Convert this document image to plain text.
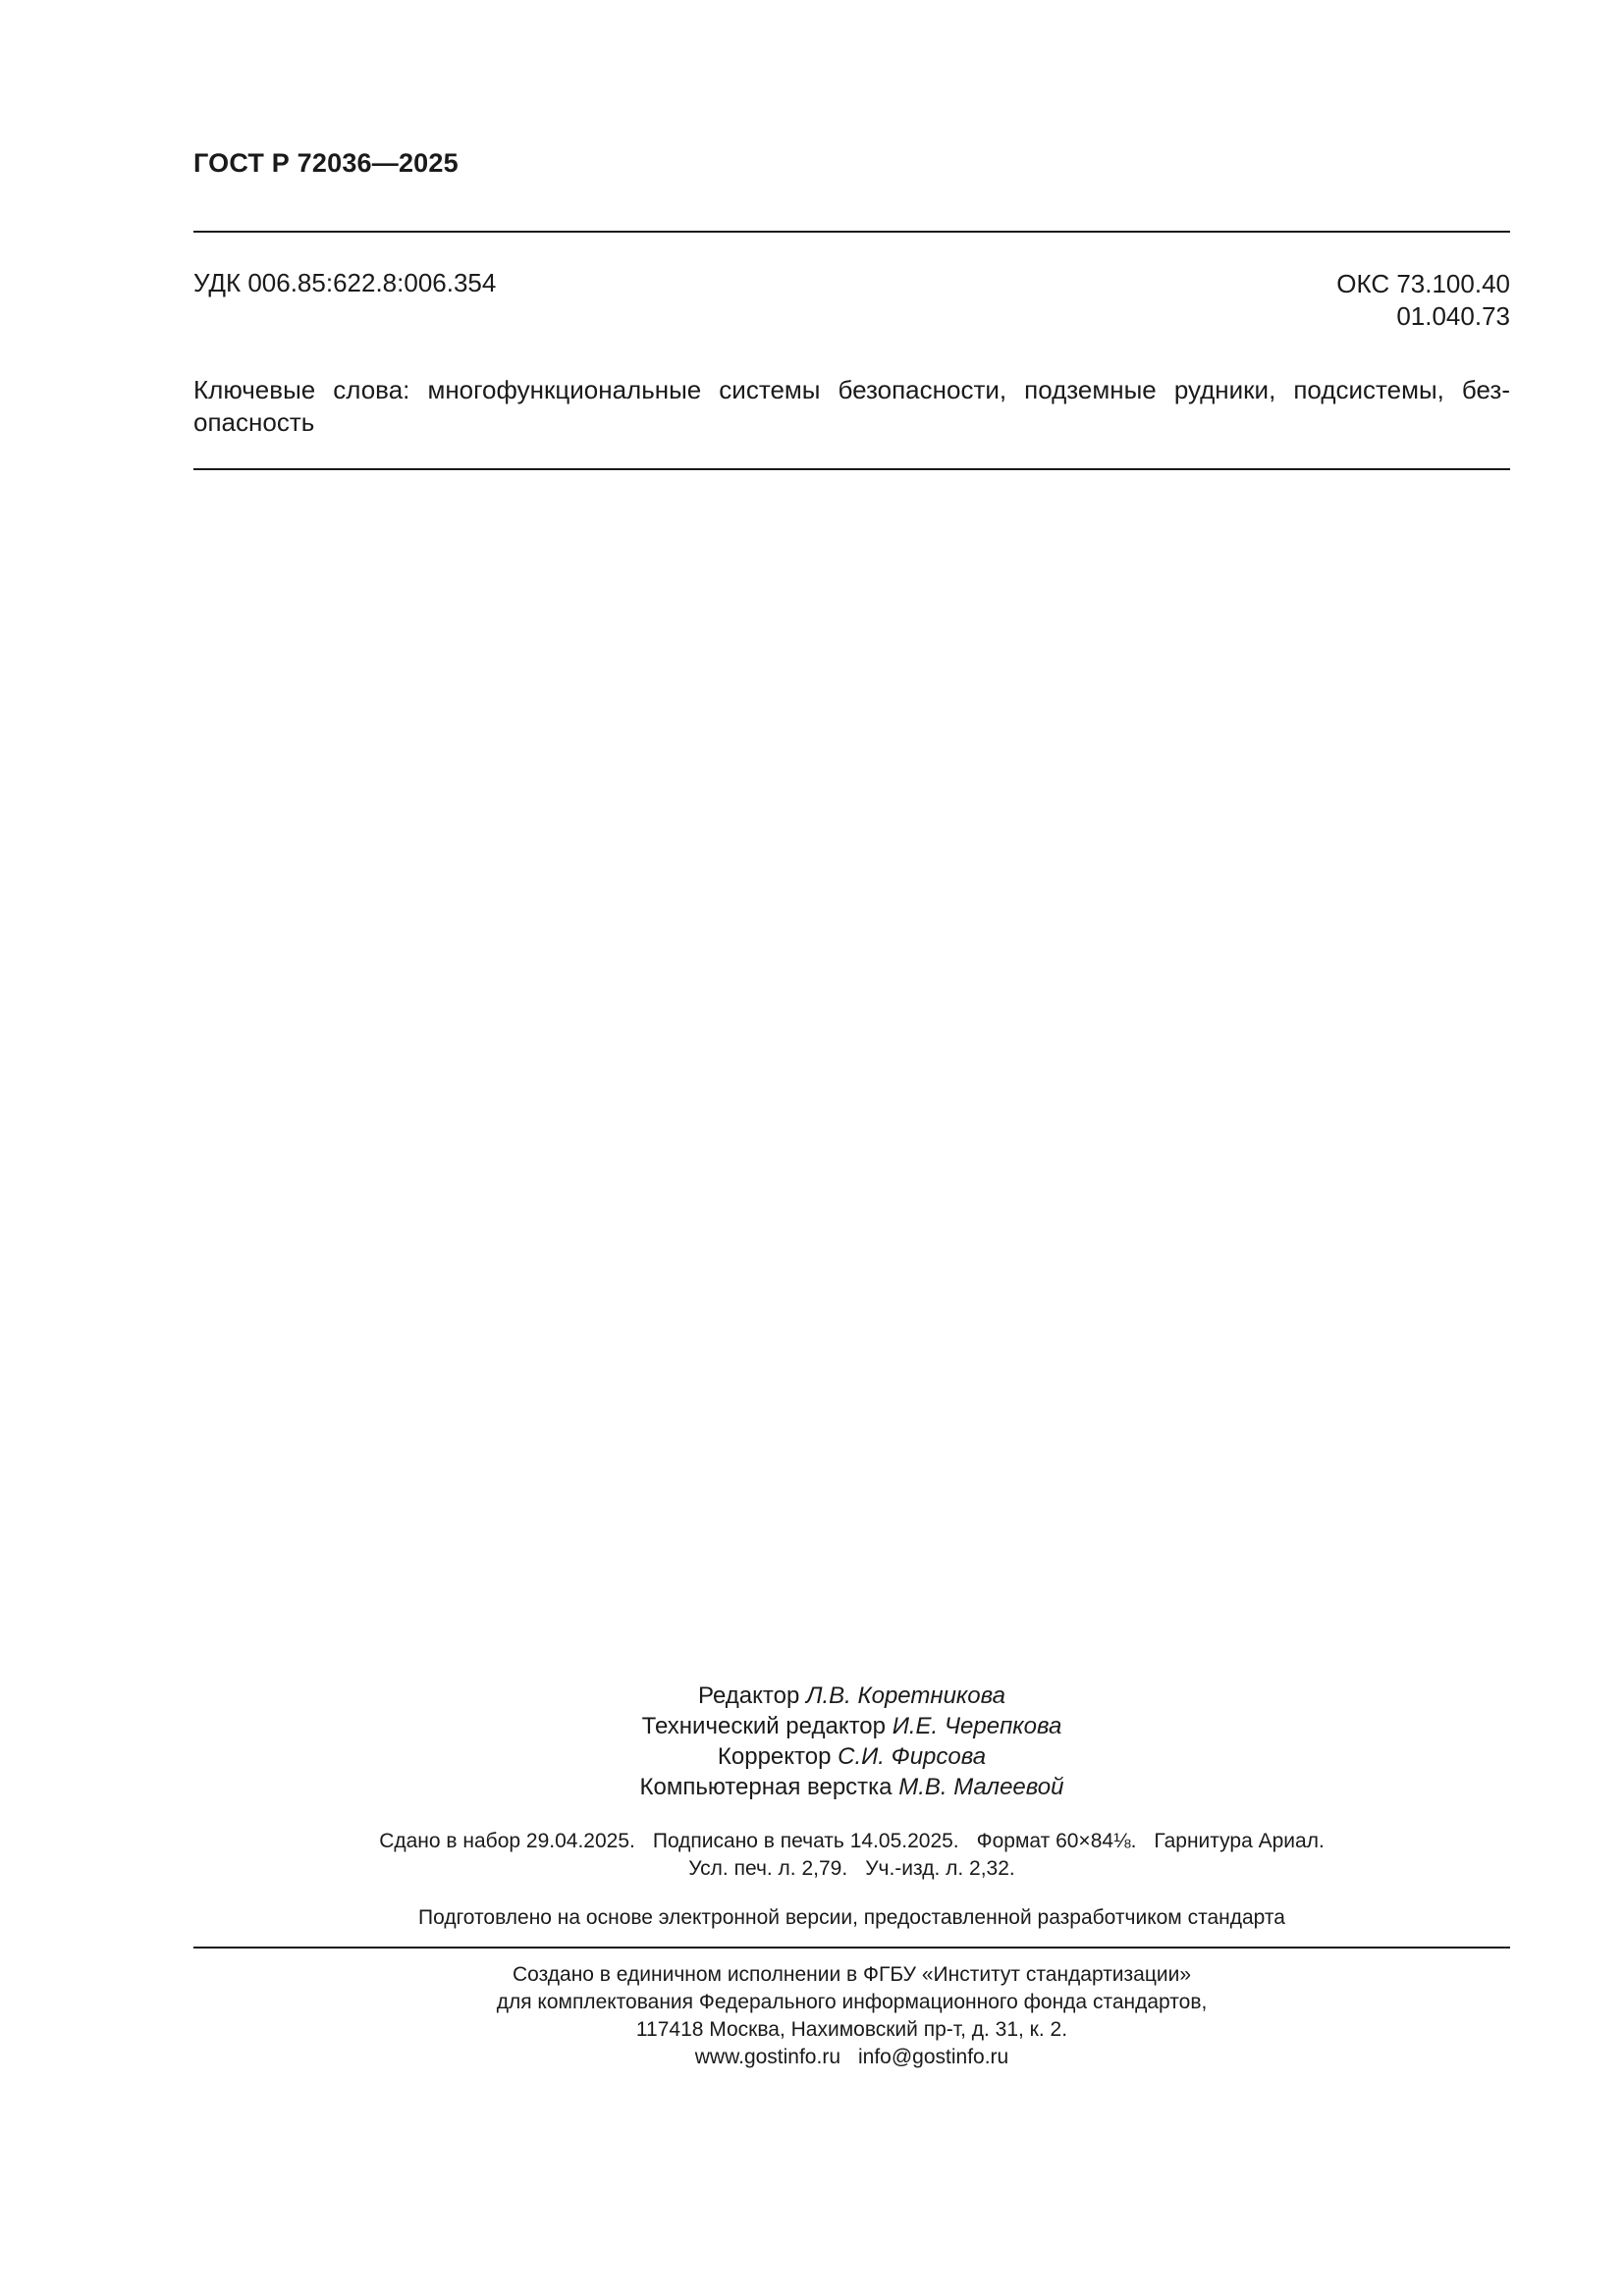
ГОСТ Р 72036—2025
УДК 006.85:622.8:006.354	ОКС 73.100.40
01.040.73
Ключевые слова: многофункциональные системы безопасности, подземные рудники, подсистемы, без-
опасность
Редактор Л.В. Коретникова
Технический редактор И.Е. Черепкова
Корректор С.И. Фирсова
Компьютерная верстка М.В. Малеевой
Сдано в набор 29.04.2025. Подписано в печать 14.05.2025. Формат 60×84⅛. Гарнитура Ариал.
Усл. печ. л. 2,79. Уч.-изд. л. 2,32.
Подготовлено на основе электронной версии, предоставленной разработчиком стандарта
Создано в единичном исполнении в ФГБУ «Институт стандартизации»
для комплектования Федерального информационного фонда стандартов,
117418 Москва, Нахимовский пр-т, д. 31, к. 2.
www.gostinfo.ru info@gostinfo.ru
